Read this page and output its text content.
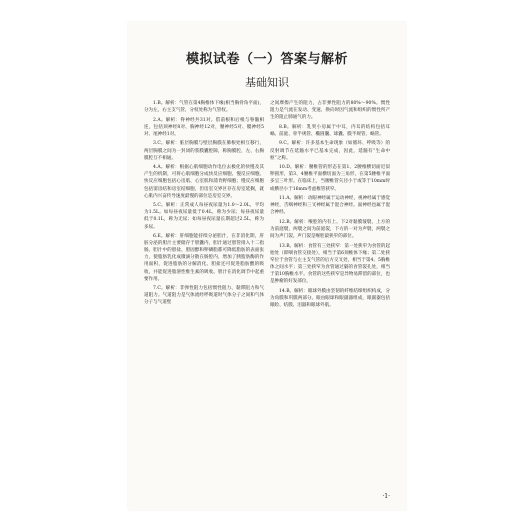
模拟试卷（一）答案与解析
基础知识

1.B。解析：气管在第4胸椎体下缘(相当胸骨角平面)，分为左、右主支气管，分杈处称为气管杈。

2.A。解析：脊神经共31对。借前根和后根与脊髓相连，包括颈神经8对、胸神经12对，腰神经5对、骶神经5对、尾神经1对。

3.C。解析：脏层胸膜与壁层胸膜在肺根处相互移行，两层胸膜之间为一封闭的浆膜囊腔隙，称胸膜腔，左、右胸膜腔互不相通。

4.A。解析：根据心肌细胞动作电位去极化的快慢及其产生的机制，可将心肌细胞分成快反应细胞、慢反应细胞。快反应细胞包括心房肌、心室肌和浦肯野细胞；慢反应细胞包括窦房结和房室结细胞，但房室交界区存在房室延搁，就心肌内兴奋传导速度最慢的部位是房室交界。

5.C。解析：正常成人每昼夜尿量为1.0～2.0L，平均为1.5L。如每昼夜尿量低于0.4L，称为少尿；每昼夜尿量低于0.1L，称为无尿；如每昼夜尿量长期超过2.5L，称为多尿。

6.E。解析：肝细胞能持续分泌胆汁，在非消化期，肝脏分泌的胆汁主要储存于胆囊内，胆汁通过胆管排入十二指肠。胆汁中的胆盐、胆固醇和卵磷脂都可降低脂肪的表面张力，使脂肪乳化成微滴分散在肠腔内，增加了胰脂肪酶的作用面积，促进脂肪的分解消化。胆盐还可促进脂肪酸的吸收，并能促进脂溶性维生素的吸收。胆汁在消化调节中起重要作用。

7.C。解析：非弹性阻力包括惯性阻力、黏滞阻力和气道阻力。气道阻力是气体流经呼吸道时气体分子之间和气体分子与气道壁

之间摩擦产生的阻力，占非弹性阻力的80%～90%。惯性阻力是气流在发动、变速、换向时因气流和组织的惯性所产生的阻止肺通气的力。

8.B。解析：乳突小房属于中耳，内耳的结构包括耳蜗、前庭、骨半规管、椭圆囊、球囊、膜半规管、蜗管。

9.C。解析：许多基本生命现象（如循环、呼吸等）的反射调节在延髓水平已基本完成，因此，延髓有“生命中枢”之称。

10.D。解析：腰椎管的形态在第1、2腰椎横切面近似卵圆形，第3、4腰椎平面横切面为三角形，在第5腰椎平面多呈三叶形。在临床上，当腰椎管矢径小于或等于10mm时或横径小于16mm考虑椎管狭窄。

11.A。解析：动眼神经属于运动神经，视神经属于感觉神经，舌咽神经和三叉神经属于混合神经。面神经也属于混合神经。

12.B。解析：喉腔的内有上、下2对黏膜皱襞，上方的为前庭襞，两襞之间为前庭裂，下方的一对为声襞，两襞之间为声门裂。声门裂是喉腔最狭窄的部位。

13.B。解析：食管有三处狭窄：第一处狭窄为食管的起始处（即咽食管交接处），相当于第6颈椎体下缘；第二处狭窄位于食管与左主支气管的后方交叉处，相当于第4、5胸椎体之间水平；第三处狭窄为食管通过膈的食管裂孔处，相当于第10胸椎水平。食管的这些狭窄是异物易滞留的部位，也是肿瘤的好发部位。

14.B。解析：眼球外膜由坚韧的纤维结缔组织构成，分为角膜和巩膜两部分。眼由眼球和眼副器组成，眼副器包括眼睑、结膜、泪器和眼球外肌。

·1·
